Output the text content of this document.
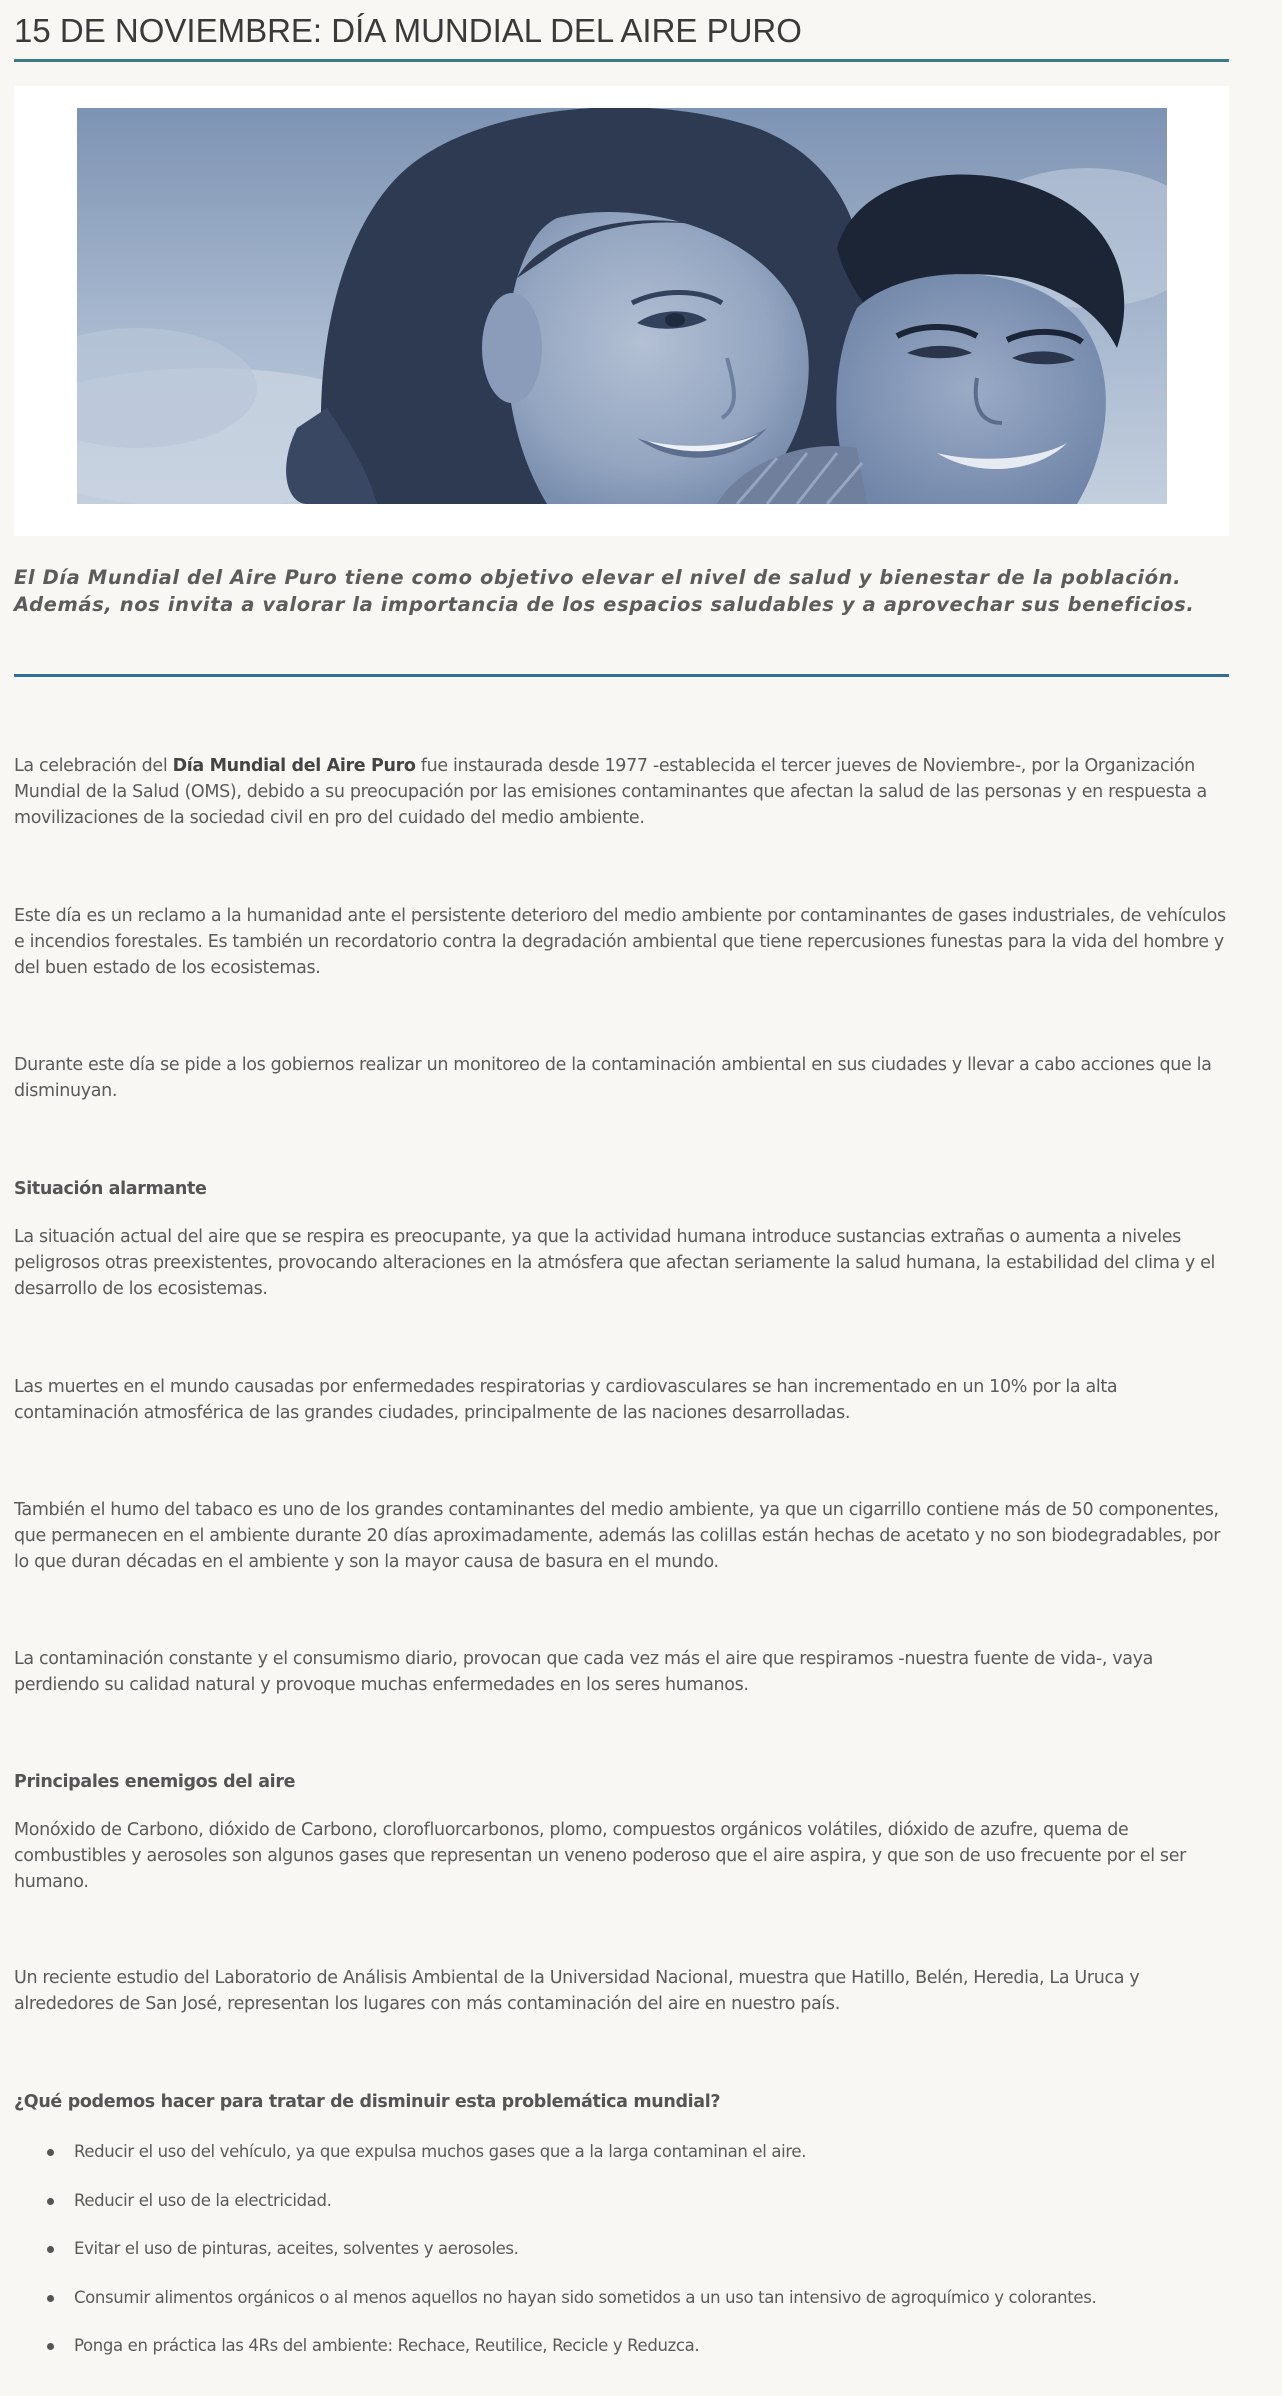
15 DE NOVIEMBRE: DÍA MUNDIAL DEL AIRE PURO

El Día Mundial del Aire Puro tiene como objetivo elevar el nivel de salud y bienestar de la población. Además, nos invita a valorar la importancia de los espacios saludables y a aprovechar sus beneficios.

La celebración del Día Mundial del Aire Puro fue instaurada desde 1977 -establecida el tercer jueves de Noviembre-, por la Organización Mundial de la Salud (OMS), debido a su preocupación por las emisiones contaminantes que afectan la salud de las personas y en respuesta a movilizaciones de la sociedad civil en pro del cuidado del medio ambiente.

Este día es un reclamo a la humanidad ante el persistente deterioro del medio ambiente por contaminantes de gases industriales, de vehículos e incendios forestales. Es también un recordatorio contra la degradación ambiental que tiene repercusiones funestas para la vida del hombre y del buen estado de los ecosistemas.

Durante este día se pide a los gobiernos realizar un monitoreo de la contaminación ambiental en sus ciudades y llevar a cabo acciones que la disminuyan.

Situación alarmante

La situación actual del aire que se respira es preocupante, ya que la actividad humana introduce sustancias extrañas o aumenta a niveles peligrosos otras preexistentes, provocando alteraciones en la atmósfera que afectan seriamente la salud humana, la estabilidad del clima y el desarrollo de los ecosistemas.

Las muertes en el mundo causadas por enfermedades respiratorias y cardiovasculares se han incrementado en un 10% por la alta contaminación atmosférica de las grandes ciudades, principalmente de las naciones desarrolladas.

También el humo del tabaco es uno de los grandes contaminantes del medio ambiente, ya que un cigarrillo contiene más de 50 componentes, que permanecen en el ambiente durante 20 días aproximadamente, además las colillas están hechas de acetato y no son biodegradables, por lo que duran décadas en el ambiente y son la mayor causa de basura en el mundo.

La contaminación constante y el consumismo diario, provocan que cada vez más el aire que respiramos -nuestra fuente de vida-, vaya perdiendo su calidad natural y provoque muchas enfermedades en los seres humanos.

Principales enemigos del aire

Monóxido de Carbono, dióxido de Carbono, clorofluorcarbonos, plomo, compuestos orgánicos volátiles, dióxido de azufre, quema de combustibles y aerosoles son algunos gases que representan un veneno poderoso que el aire aspira, y que son de uso frecuente por el ser humano.

Un reciente estudio del Laboratorio de Análisis Ambiental de la Universidad Nacional, muestra que Hatillo, Belén, Heredia, La Uruca y alrededores de San José, representan los lugares con más contaminación del aire en nuestro país.

¿Qué podemos hacer para tratar de disminuir esta problemática mundial?
Reducir el uso del vehículo, ya que expulsa muchos gases que a la larga contaminan el aire.
Reducir el uso de la electricidad.
Evitar el uso de pinturas, aceites, solventes y aerosoles.
Consumir alimentos orgánicos o al menos aquellos no hayan sido sometidos a un uso tan intensivo de agroquímico y colorantes.
Ponga en práctica las 4Rs del ambiente: Rechace, Reutilice, Recicle y Reduzca.
